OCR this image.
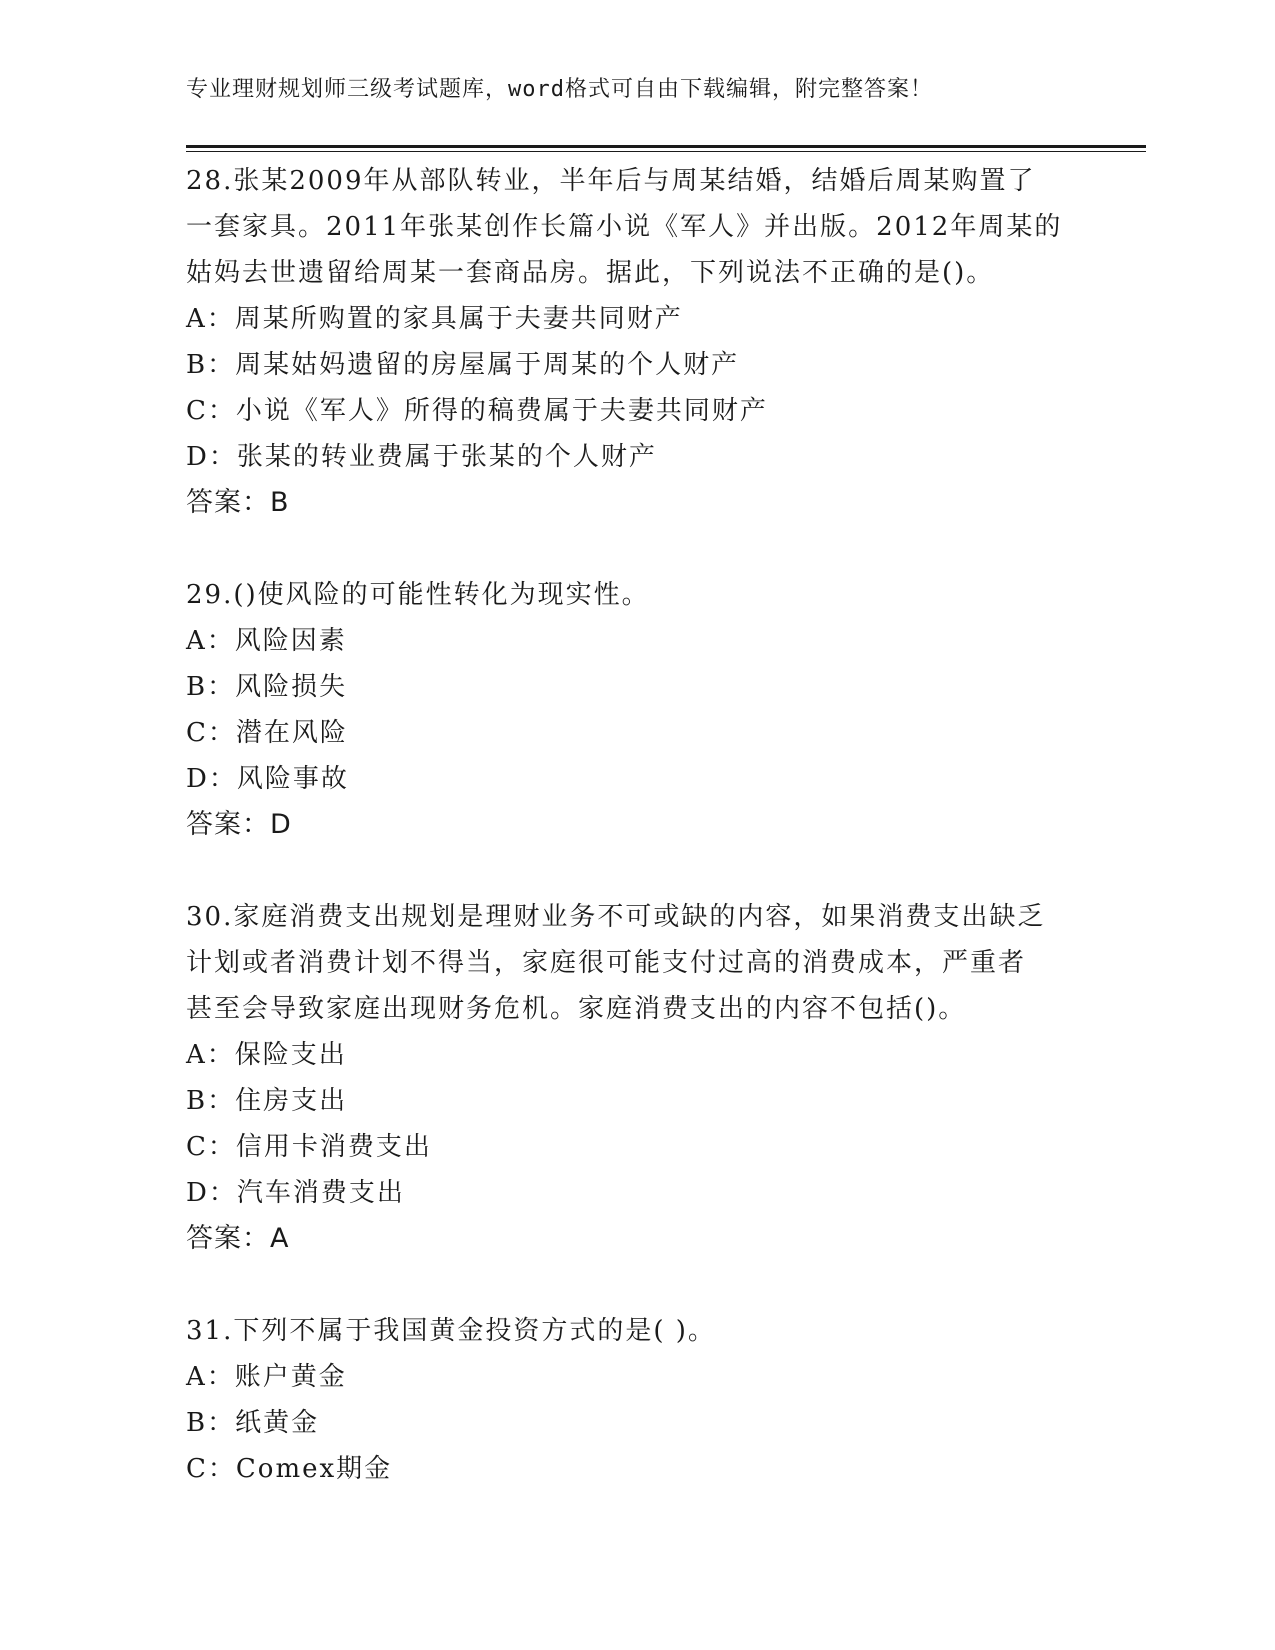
专业理财规划师三级考试题库，word格式可自由下载编辑，附完整答案！
28.张某2009年从部队转业，半年后与周某结婚，结婚后周某购置了
一套家具。2011年张某创作长篇小说《军人》并出版。2012年周某的
姑妈去世遗留给周某一套商品房。据此，下列说法不正确的是()。
A：周某所购置的家具属于夫妻共同财产
B：周某姑妈遗留的房屋属于周某的个人财产
C：小说《军人》所得的稿费属于夫妻共同财产
D：张某的转业费属于张某的个人财产
答案：B
29.()使风险的可能性转化为现实性。
A：风险因素
B：风险损失
C：潜在风险
D：风险事故
答案：D
30.家庭消费支出规划是理财业务不可或缺的内容，如果消费支出缺乏
计划或者消费计划不得当，家庭很可能支付过高的消费成本，严重者
甚至会导致家庭出现财务危机。家庭消费支出的内容不包括()。
A：保险支出
B：住房支出
C：信用卡消费支出
D：汽车消费支出
答案：A
31.下列不属于我国黄金投资方式的是( )。
A：账户黄金
B：纸黄金
C：Comex期金
